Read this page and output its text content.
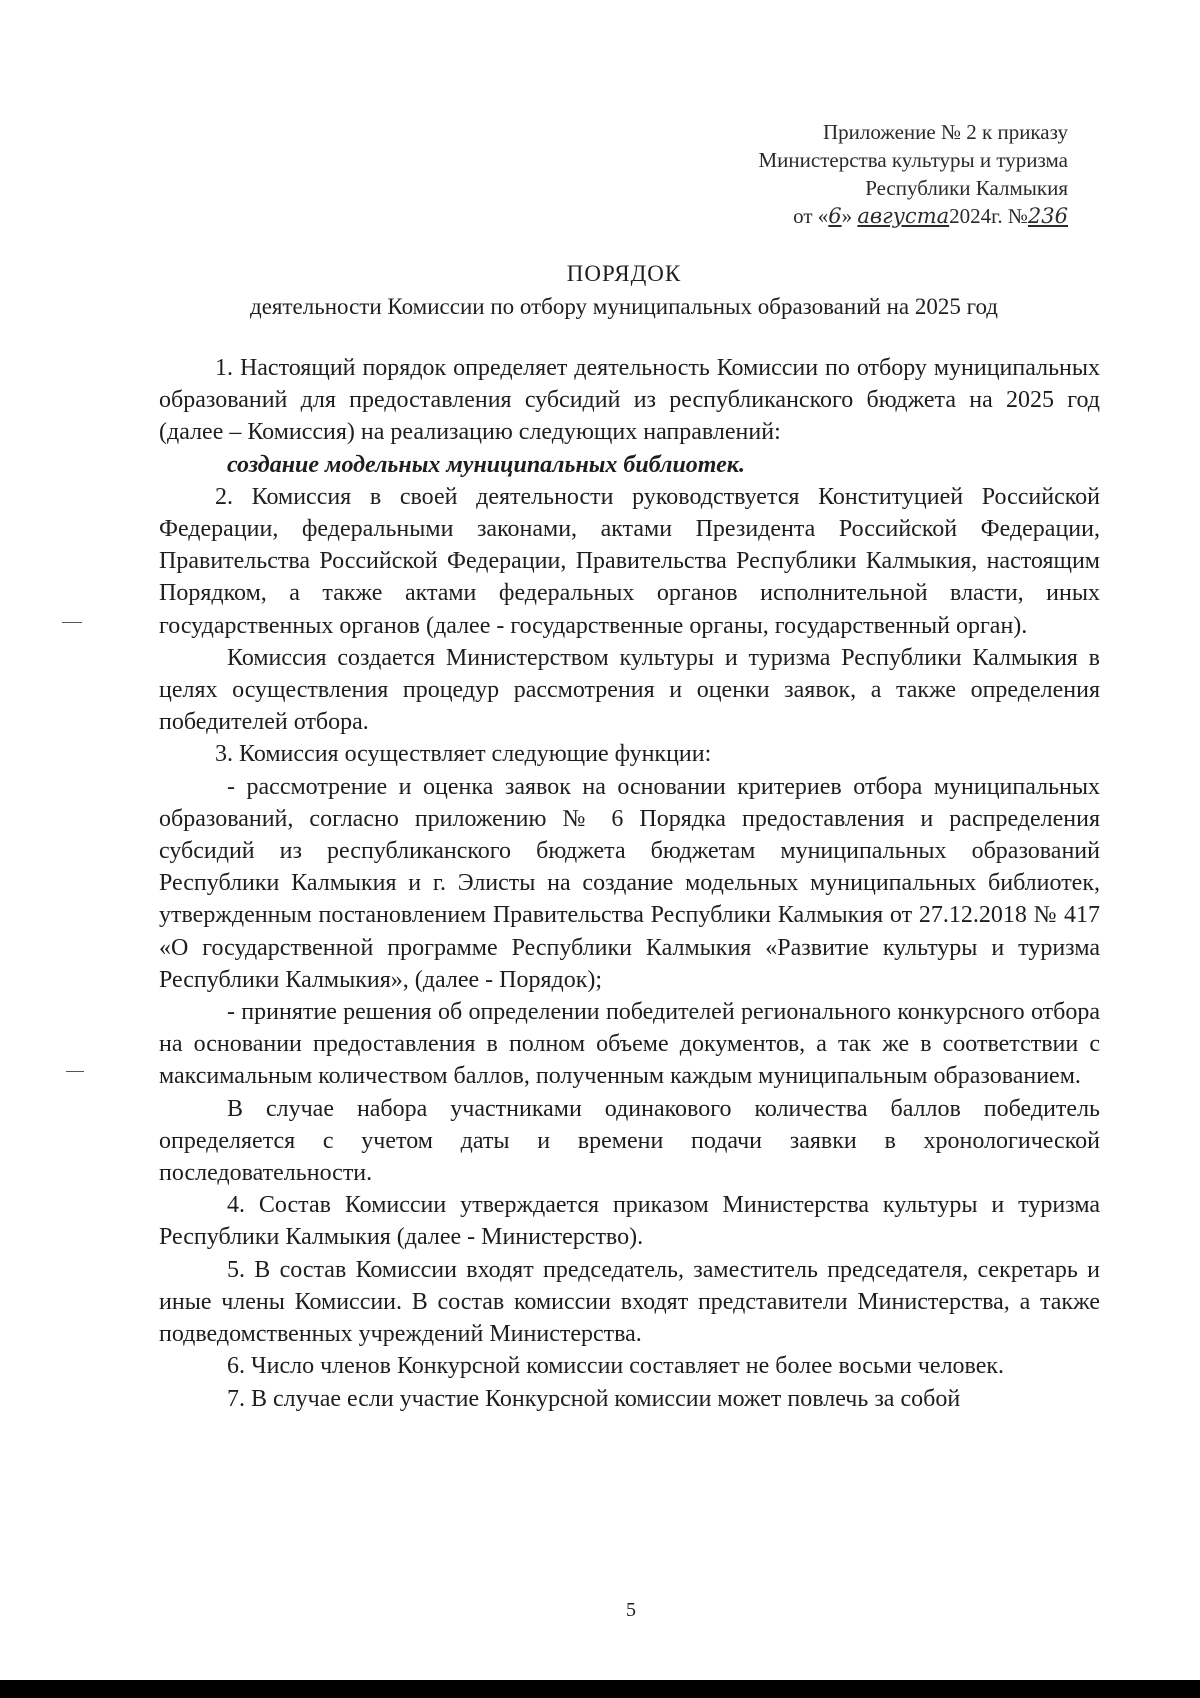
Приложение № 2 к приказу
Министерства культуры и туризма
Республики Калмыкия
от «6» августа2024г. №236
ПОРЯДОК
деятельности Комиссии по отбору муниципальных образований на 2025 год

1. Настоящий порядок определяет деятельность Комиссии по отбору муниципальных образований для предоставления субсидий из республиканского бюджета на 2025 год (далее – Комиссия) на реализацию следующих направлений:

создание модельных муниципальных библиотек.

2. Комиссия в своей деятельности руководствуется Конституцией Российской Федерации, федеральными законами, актами Президента Российской Федерации, Правительства Российской Федерации, Правительства Республики Калмыкия, настоящим Порядком, а также актами федеральных органов исполнительной власти, иных государственных органов (далее - государственные органы, государственный орган).

Комиссия создается Министерством культуры и туризма Республики Калмыкия в целях осуществления процедур рассмотрения и оценки заявок, а также определения победителей отбора.

3. Комиссия осуществляет следующие функции:

- рассмотрение и оценка заявок на основании критериев отбора муниципальных образований, согласно приложению № 6 Порядка предоставления и распределения субсидий из республиканского бюджета бюджетам муниципальных образований Республики Калмыкия и г. Элисты на создание модельных муниципальных библиотек, утвержденным постановлением Правительства Республики Калмыкия от 27.12.2018 № 417 «О государственной программе Республики Калмыкия «Развитие культуры и туризма Республики Калмыкия», (далее - Порядок);

- принятие решения об определении победителей регионального конкурсного отбора на основании предоставления в полном объеме документов, а так же в соответствии с максимальным количеством баллов, полученным каждым муниципальным образованием.

В случае набора участниками одинакового количества баллов победитель определяется с учетом даты и времени подачи заявки в хронологической последовательности.

4. Состав Комиссии утверждается приказом Министерства культуры и туризма Республики Калмыкия (далее - Министерство).

5. В состав Комиссии входят председатель, заместитель председателя, секретарь и иные члены Комиссии. В состав комиссии входят представители Министерства, а также подведомственных учреждений Министерства.

6. Число членов Конкурсной комиссии составляет не более восьми человек.

7. В случае если участие Конкурсной комиссии может повлечь за собой

5
